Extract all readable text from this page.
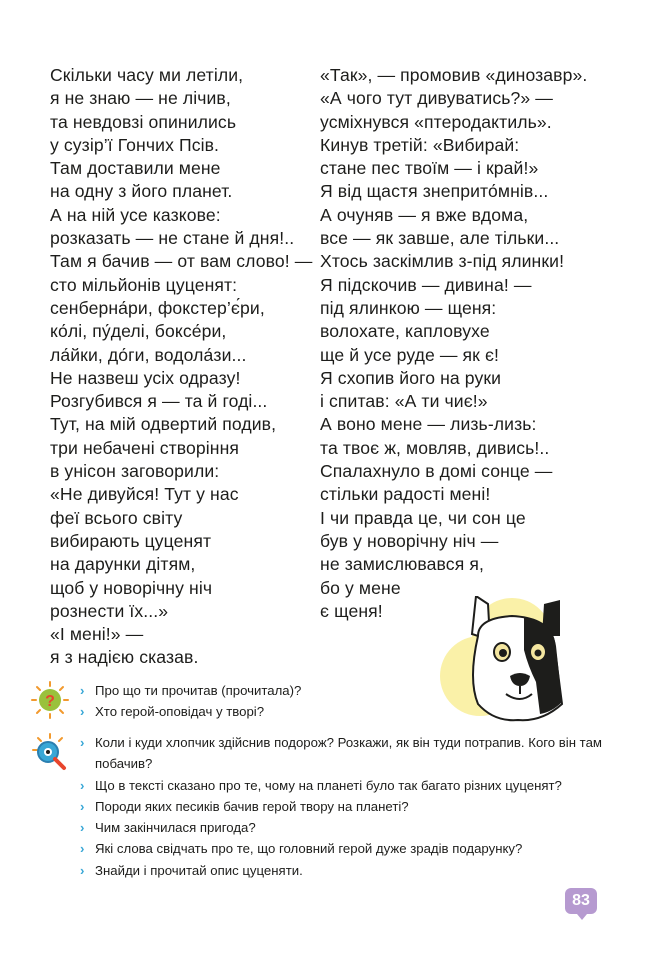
Скільки часу ми летіли,
я не знаю — не лічив,
та невдовзі опинились
у сузір’ї Гончих Псів.
Там доставили мене
на одну з його планет.
А на ній усе казкове:
розказать — не стане й дня!..
Там я бачив — от вам слово! —
сто мільйонів цуценят:
сенберна́ри, фокстер’є́ри,
ко́лі, пу́делі, боксе́ри,
ла́йки, до́ги, водола́зи...
Не назвеш усіх одразу!
Розгубився я — та й годі...
Тут, на мій одвертий подив,
три небачені створіння
в унісон заговорили:
«Не дивуйся! Тут у нас
феї всього світу
вибирають цуценят
на дарунки дітям,
щоб у новорічну ніч
рознести їх...»
«І мені!» —
я з надією сказав.
«Так», — промовив «динозавр».
«А чого тут дивуватись?» —
усміхнувся «птеродактиль».
Кинув третій: «Вибирай:
стане пес твоїм — і край!»
Я від щастя знеприто́мнів...
А очуняв — я вже вдома,
все — як завше, але тільки...
Хтось заскімлив з-під ялинки!
Я підскочив — дивина! —
під ялинкою — щеня:
волохате, капловухе
ще й усе руде — як є!
Я схопив його на руки
і спитав: «А ти чиє!»
А воно мене — лизь-лизь:
та твоє ж, мовляв, дивись!..
Спалахнуло в домі сонце —
стільки радості мені!
І чи правда це, чи сон це
був у новорічну ніч —
не замислювався я,
бо у мене
є щеня!
?
› Про що ти прочитав (прочитала)?
› Хто герой-оповідач у творі?
› Коли і куди хлопчик здійснив подорож? Розкажи, як він туди потрапив. Кого він там побачив?
› Що в тексті сказано про те, чому на планеті було так багато різних цуценят?
› Породи яких песиків бачив герой твору на планеті?
› Чим закінчилася пригода?
› Які слова свідчать про те, що головний герой дуже зрадів подарунку?
› Знайди і прочитай опис цуценяти.
83
